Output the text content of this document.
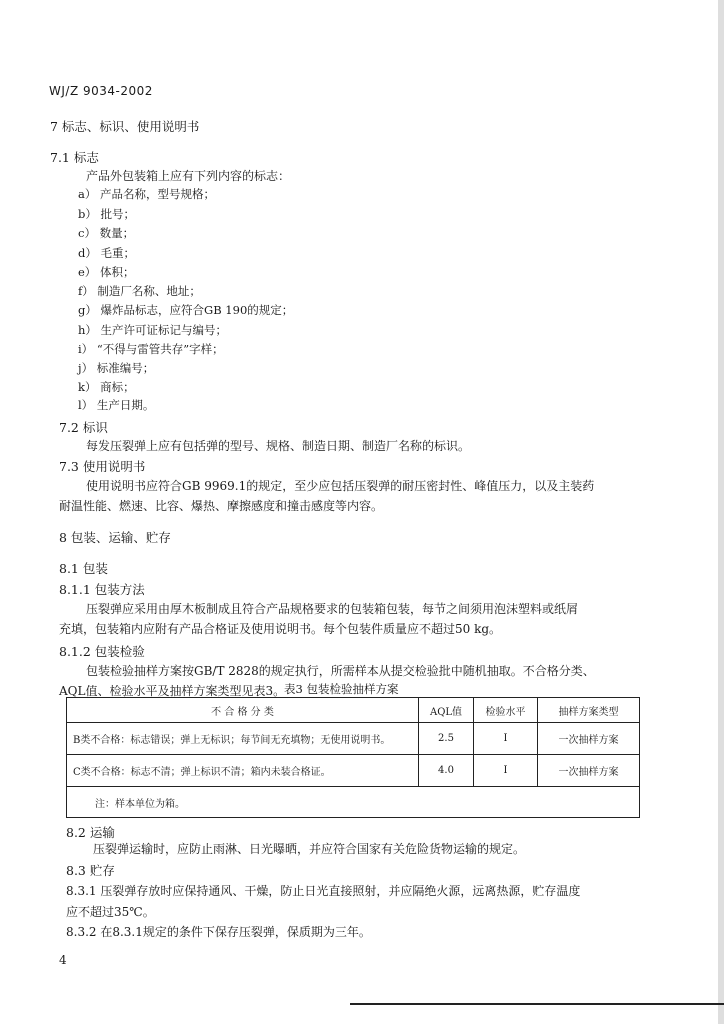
WJ/Z 9034-2002
7 标志、标识、使用说明书
7.1 标志
产品外包装箱上应有下列内容的标志：
a） 产品名称，型号规格；
b） 批号；
c） 数量；
d） 毛重；
e） 体积；
f） 制造厂名称、地址；
g） 爆炸品标志，应符合GB 190的规定；
h） 生产许可证标记与编号；
i） “不得与雷管共存”字样；
j） 标准编号；
k） 商标；
l） 生产日期。
7.2 标识
每发压裂弹上应有包括弹的型号、规格、制造日期、制造厂名称的标识。
7.3 使用说明书
使用说明书应符合GB 9969.1的规定，至少应包括压裂弹的耐压密封性、峰值压力，以及主装药
耐温性能、燃速、比容、爆热、摩擦感度和撞击感度等内容。
8 包装、运输、贮存
8.1 包装
8.1.1 包装方法
压裂弹应采用由厚木板制成且符合产品规格要求的包装箱包装，每节之间须用泡沫塑料或纸屑
充填，包装箱内应附有产品合格证及使用说明书。每个包装件质量应不超过50 kg。
8.1.2 包装检验
包装检验抽样方案按GB/T 2828的规定执行，所需样本从提交检验批中随机抽取。不合格分类、
AQL值、检验水平及抽样方案类型见表3。
表3 包装检验抽样方案
不 合 格 分 类	AQL值	检验水平	抽样方案类型
B类不合格：标志错误；弹上无标识；每节间无充填物；无使用说明书。	2.5	I	一次抽样方案
C类不合格：标志不清；弹上标识不清；箱内未装合格证。	4.0	I	一次抽样方案
注：样本单位为箱。			
8.2 运输
压裂弹运输时，应防止雨淋、日光曝晒，并应符合国家有关危险货物运输的规定。
8.3 贮存
8.3.1 压裂弹存放时应保持通风、干燥，防止日光直接照射，并应隔绝火源，远离热源，贮存温度
应不超过35℃。
8.3.2 在8.3.1规定的条件下保存压裂弹，保质期为三年。
4
